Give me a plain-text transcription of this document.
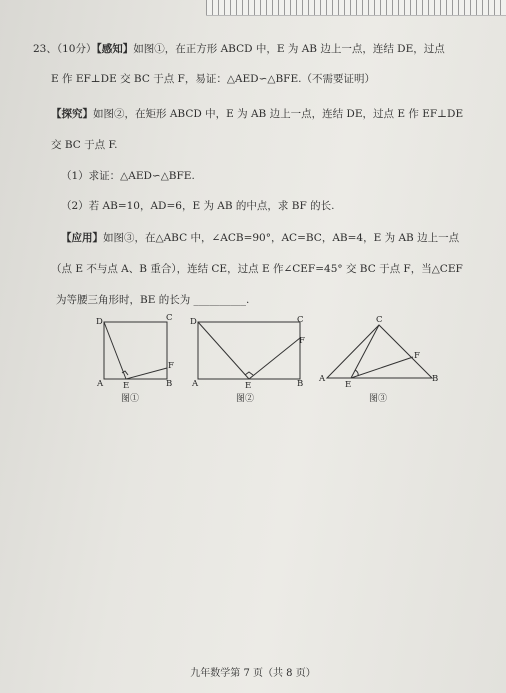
23、（10分）【感知】如图①，在正方形 ABCD 中，E 为 AB 边上一点，连结 DE，过点
E 作 EF⊥DE 交 BC 于点 F，易证：△AED∽△BFE.（不需要证明）
【探究】如图②，在矩形 ABCD 中，E 为 AB 边上一点，连结 DE，过点 E 作 EF⊥DE
交 BC 于点 F.
（1）求证：△AED∽△BFE.
（2）若 AB=10，AD=6，E 为 AB 的中点，求 BF 的长.
【应用】如图③，在△ABC 中，∠ACB=90°，AC=BC，AB=4，E 为 AB 边上一点
（点 E 不与点 A、B 重合），连结 CE，过点 E 作∠CEF=45° 交 BC 于点 F，当△CEF
为等腰三角形时，BE 的长为 __________.
D	C
F
A E	B
D	C
F
A	E	B
C
F
A
E
B
图①	图②	图③
九年数学第 7 页（共 8 页）
